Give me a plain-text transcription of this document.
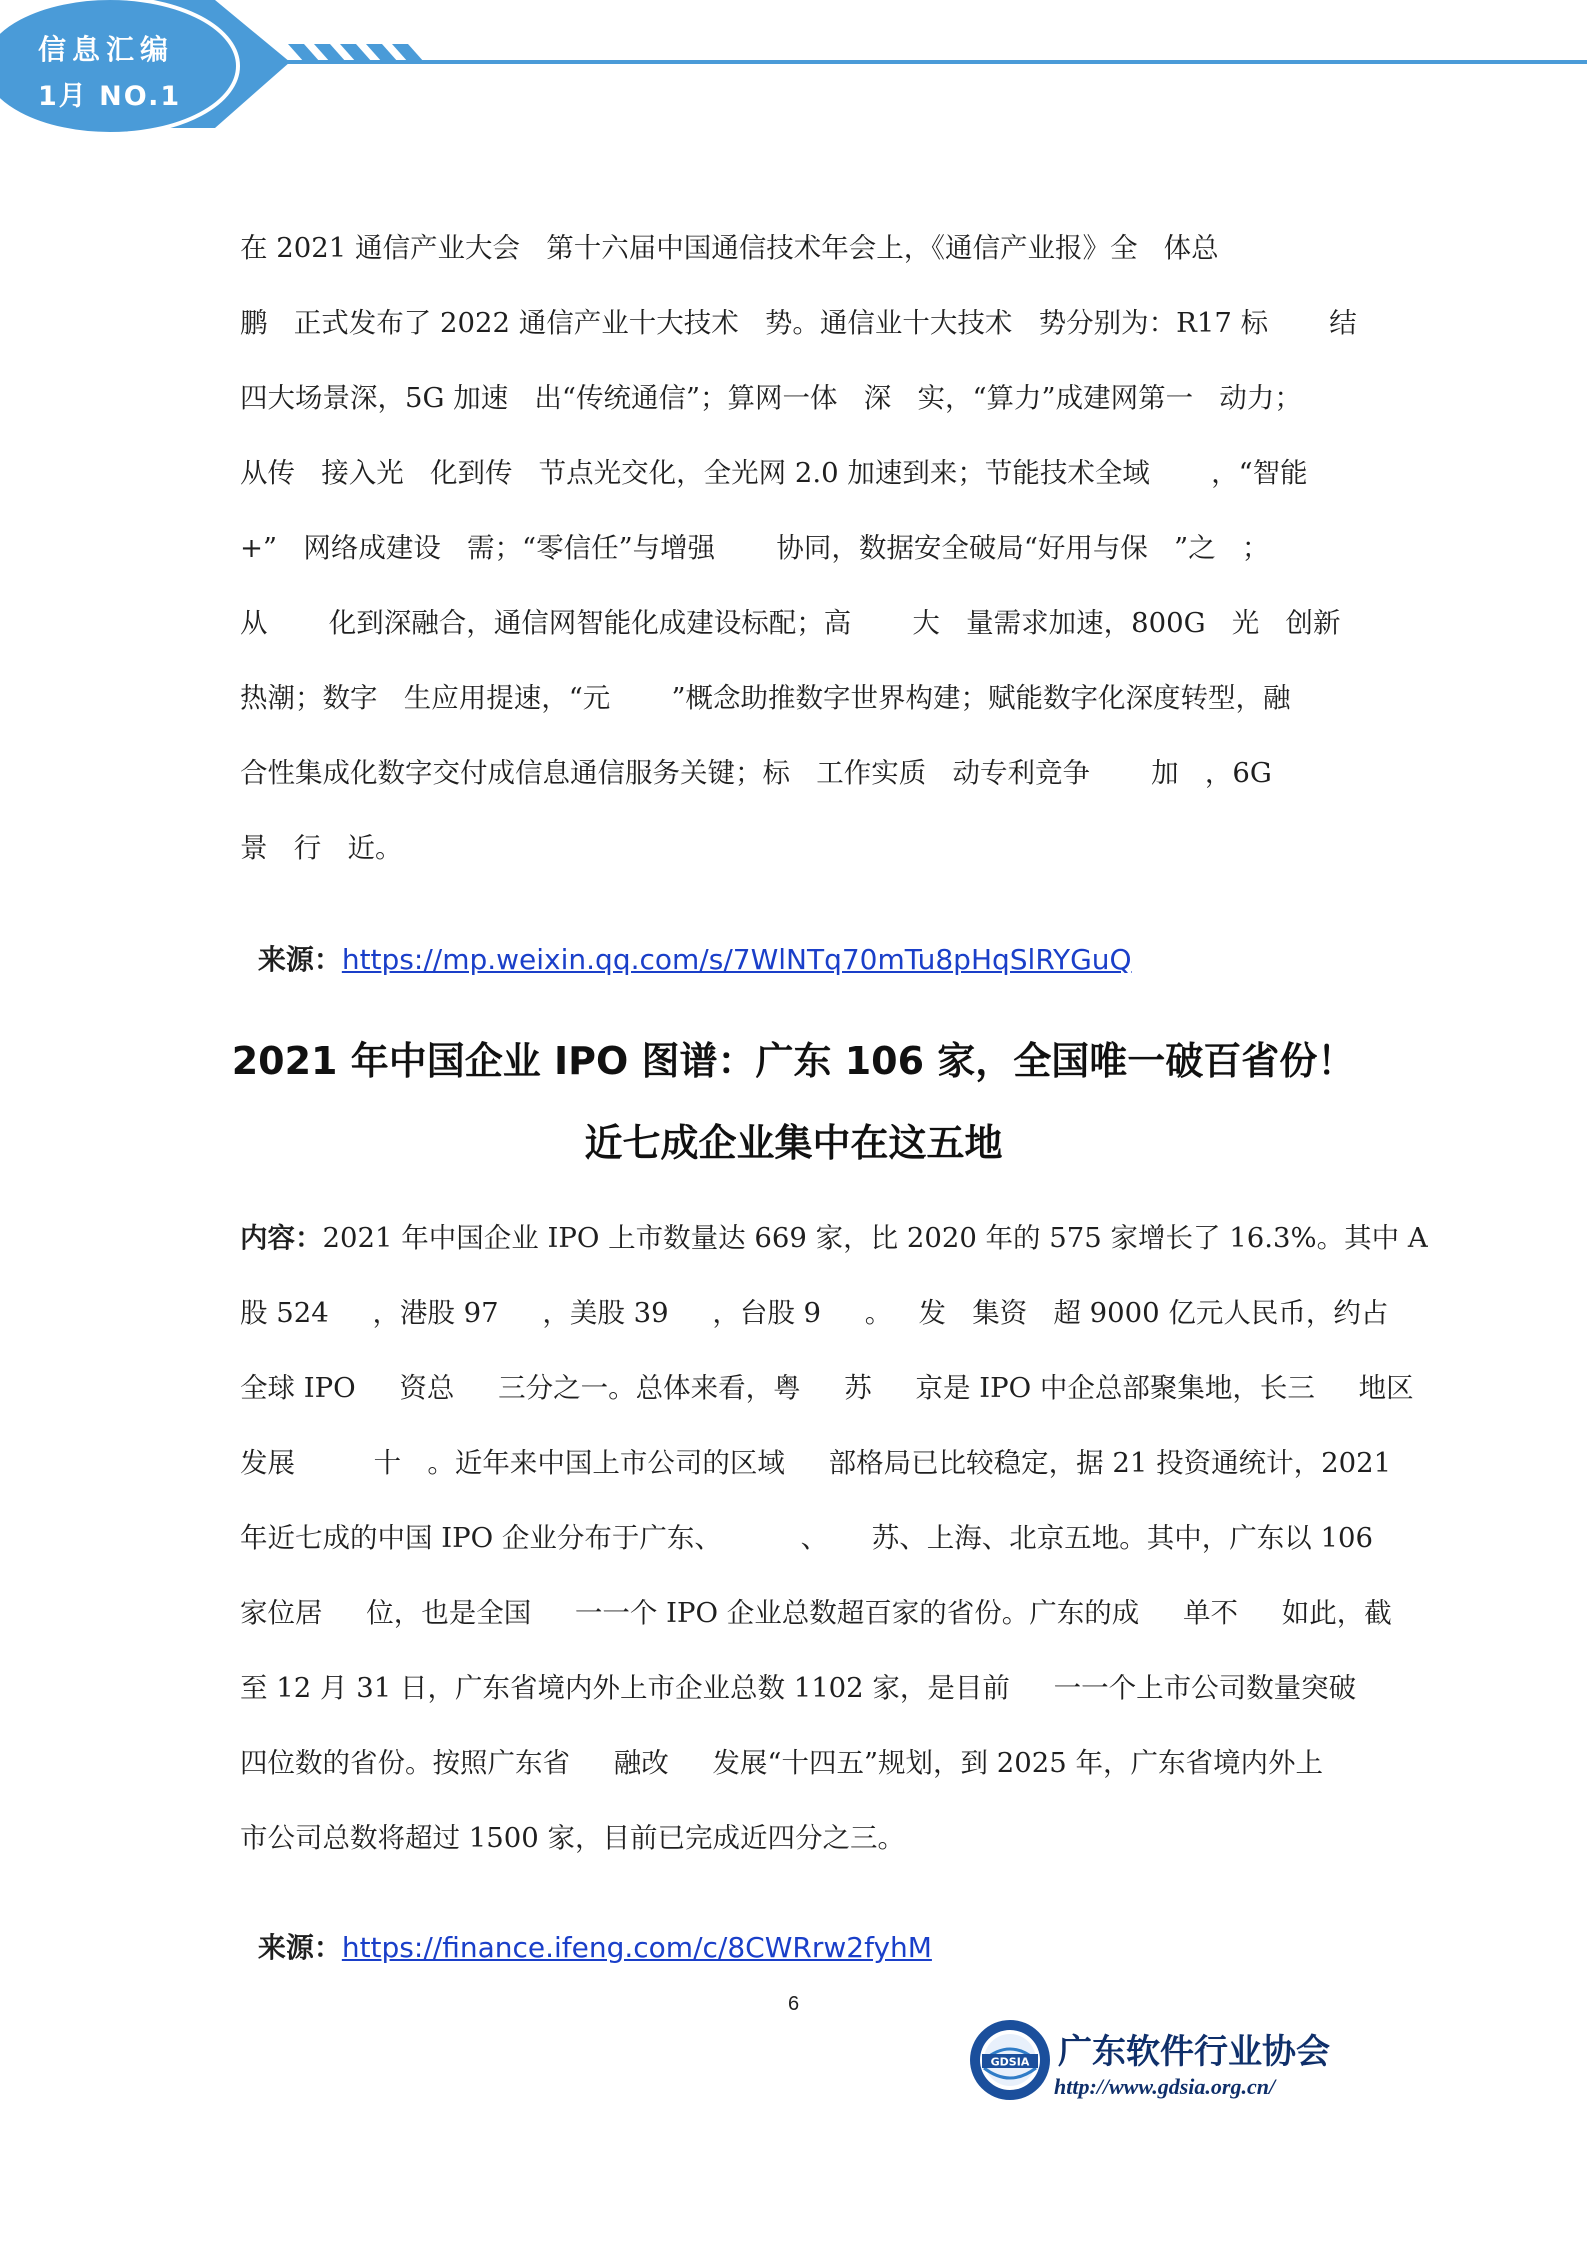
信息汇编
1月 NO.1
在 2021 通信产业大会   第十六届中国通信技术年会上，《通信产业报》全   体总
鹏   正式发布了 2022 通信产业十大技术   势。通信业十大技术   势分别为：R17 标       结
四大场景深，5G 加速   出“传统通信”；算网一体   深   实，“算力”成建网第一   动力；
从传   接入光   化到传   节点光交化，全光网 2.0 加速到来；节能技术全域       ，“智能
+”   网络成建设   需；“零信任”与增强       协同，数据安全破局“好用与保   ”之   ；
从       化到深融合，通信网智能化成建设标配；高       大   量需求加速，800G   光   创新
热潮；数字   生应用提速，“元       ”概念助推数字世界构建；赋能数字化深度转型，融
合性集成化数字交付成信息通信服务关键；标   工作实质   动专利竞争       加   ，6G
景   行   近。

来源：https://mp.weixin.qq.com/s/7WlNTq70mTu8pHqSlRYGuQ

2021 年中国企业 IPO 图谱：广东 106 家，全国唯一破百省份！
近七成企业集中在这五地
内容：2021 年中国企业 IPO 上市数量达 669 家，比 2020 年的 575 家增长了 16.3%。其中 A
股 524     ，港股 97     ，美股 39     ，台股 9     。   发   集资   超 9000 亿元人民币，约占
全球 IPO     资总     三分之一。总体来看，粤     苏     京是 IPO 中企总部聚集地，长三     地区
发展         十   。近年来中国上市公司的区域     部格局已比较稳定，据 21 投资通统计，2021
年近七成的中国 IPO 企业分布于广东、         、     苏、上海、北京五地。其中，广东以 106
家位居     位，也是全国     一一个 IPO 企业总数超百家的省份。广东的成     单不     如此，截
至 12 月 31 日，广东省境内外上市企业总数 1102 家，是目前     一一个上市公司数量突破
四位数的省份。按照广东省     融改     发展“十四五”规划，到 2025 年，广东省境内外上
市公司总数将超过 1500 家，目前已完成近四分之三。

来源：https://finance.ifeng.com/c/8CWRrw2fyhM

6
GDSIA 广东软件行业协会
http://www.gdsia.org.cn/
